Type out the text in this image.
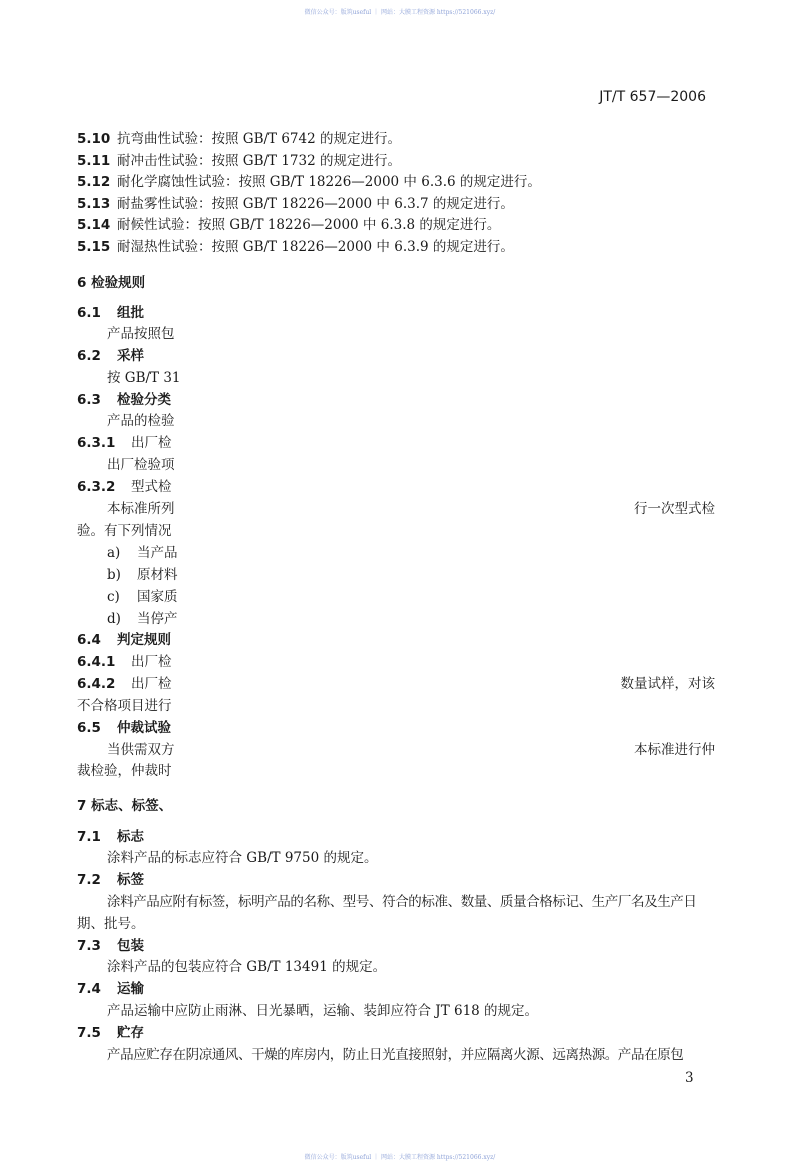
微信公众号：版筑useful ｜ 网站：大膜工程资源 https://521066.xyz/
JT/T 657—2006
5.10 抗弯曲性试验：按照 GB/T 6742 的规定进行。
5.11 耐冲击性试验：按照 GB/T 1732 的规定进行。
5.12 耐化学腐蚀性试验：按照 GB/T 18226—2000 中 6.3.6 的规定进行。
5.13 耐盐雾性试验：按照 GB/T 18226—2000 中 6.3.7 的规定进行。
5.14 耐候性试验：按照 GB/T 18226—2000 中 6.3.8 的规定进行。
5.15 耐湿热性试验：按照 GB/T 18226—2000 中 6.3.9 的规定进行。
6 检验规则
6.1 组批
产品按照包
6.2 采样
按 GB/T 31
6.3 检验分类
产品的检验
6.3.1 出厂检
出厂检验项
6.3.2 型式检
本标准所列	行一次型式检
验。有下列情况
a) 当产品
b) 原材料
c) 国家质
d) 当停产
6.4 判定规则
6.4.1 出厂检
6.4.2 出厂检	数量试样，对该
不合格项目进行
6.5 仲裁试验
当供需双方	本标准进行仲
裁检验，仲裁时
7 标志、标签、
7.1 标志
涂料产品的标志应符合 GB/T 9750 的规定。
7.2 标签
涂料产品应附有标签，标明产品的名称、型号、符合的标准、数量、质量合格标记、生产厂名及生产日
期、批号。
7.3 包装
涂料产品的包装应符合 GB/T 13491 的规定。
7.4 运输
产品运输中应防止雨淋、日光暴晒，运输、装卸应符合 JT 618 的规定。
7.5 贮存
产品应贮存在阴凉通风、干燥的库房内，防止日光直接照射，并应隔离火源、远离热源。产品在原包
3
微信公众号：版筑useful ｜ 网站：大膜工程资源 https://521066.xyz/
